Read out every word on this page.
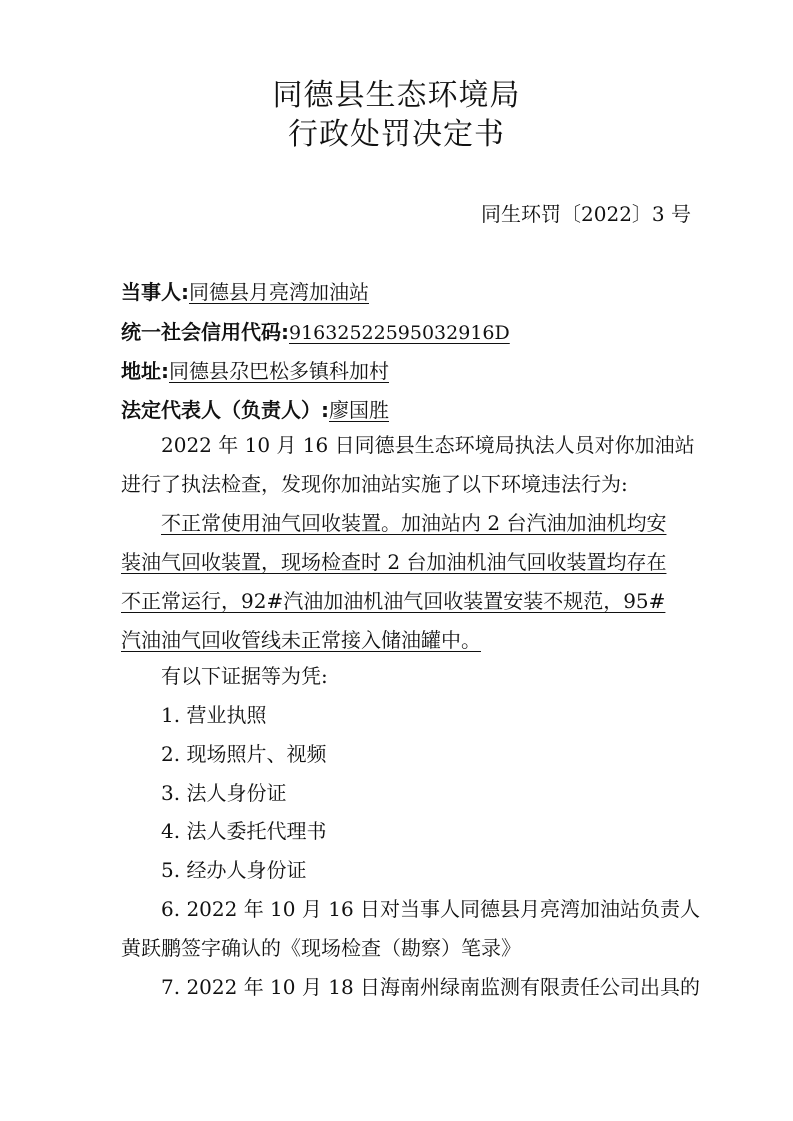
同德县生态环境局
行政处罚决定书
同生环罚〔2022〕3 号
当事人:同德县月亮湾加油站
统一社会信用代码:91632522595032916D
地址:同德县尕巴松多镇科加村
法定代表人（负责人）:廖国胜
2022 年 10 月 16 日同德县生态环境局执法人员对你加油站
进行了执法检查，发现你加油站实施了以下环境违法行为:
不正常使用油气回收装置。加油站内 2 台汽油加油机均安
装油气回收装置，现场检查时 2 台加油机油气回收装置均存在
不正常运行，92#汽油加油机油气回收装置安装不规范，95#
汽油油气回收管线未正常接入储油罐中。
有以下证据等为凭:
1. 营业执照
2. 现场照片、视频
3. 法人身份证
4. 法人委托代理书
5. 经办人身份证
6. 2022 年 10 月 16 日对当事人同德县月亮湾加油站负责人
黄跃鹏签字确认的《现场检查（勘察）笔录》
7. 2022 年 10 月 18 日海南州绿南监测有限责任公司出具的
